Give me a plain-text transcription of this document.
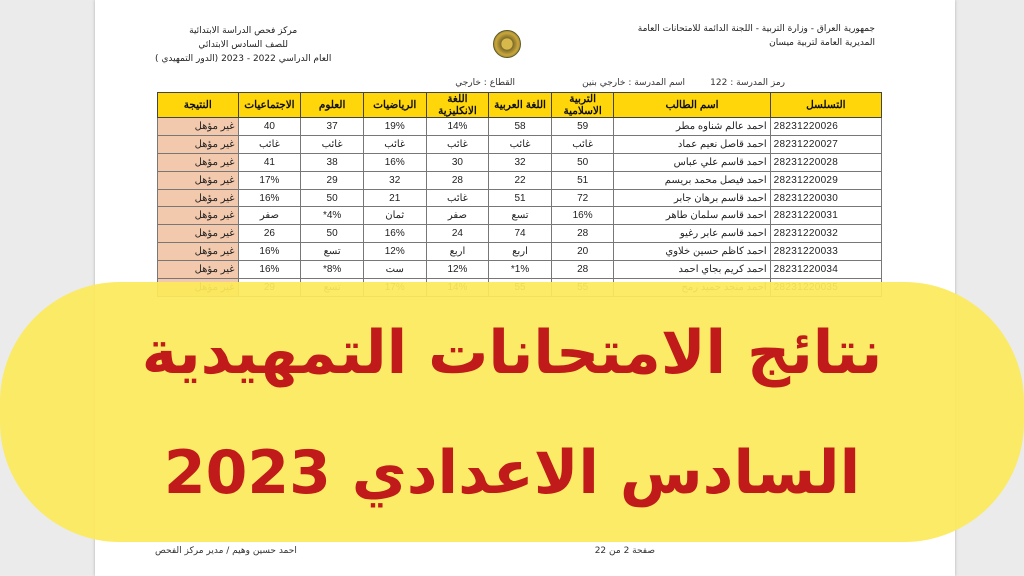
جمهورية العراق - وزارة التربية - اللجنة الدائمة للامتحانات العامة
المديرية العامة لتربية ميسان
مركز فحص الدراسة الابتدائية
للصف السادس الابتدائي
العام الدراسي 2022 - 2023 (الدور التمهيدي )
رمز المدرسة : 122
اسم المدرسة : خارجي بنين
القطاع : خارجي
التسلسل	اسم الطالب	التربية الاسلامية	اللغة العربية	اللغة الانكليزية	الرياضيات	العلوم	الاجتماعيات	النتيجة
28231220026	احمد عالم شناوه مطر	59	58	14%	19%	37	40	غير مؤهل
28231220027	احمد قاصل نعيم عماد	غائب	غائب	غائب	غائب	غائب	غائب	غير مؤهل
28231220028	احمد قاسم علي عباس	50	32	30	16%	38	41	غير مؤهل
28231220029	احمد فيصل محمد بريسم	51	22	28	32	29	17%	غير مؤهل
28231220030	احمد قاسم برهان جابر	72	51	غائب	21	50	16%	غير مؤهل
28231220031	احمد قاسم سلمان طاهر	16%	تسع	صفر	ثمان	4%*	صفر	غير مؤهل
28231220032	احمد قاسم عابر رغيو	28	74	24	16%	50	26	غير مؤهل
28231220033	احمد كاظم حسين خلاوي	20	اربع	اربع	12%	تسع	16%	غير مؤهل
28231220034	احمد كريم بجاي احمد	28	1%*	12%	ست	8%*	16%	غير مؤهل

صفحة 2 من 22
احمد حسين وهيم / مدير مركز الفحص
نتائج الامتحانات التمهيدية
السادس الاعدادي 2023
